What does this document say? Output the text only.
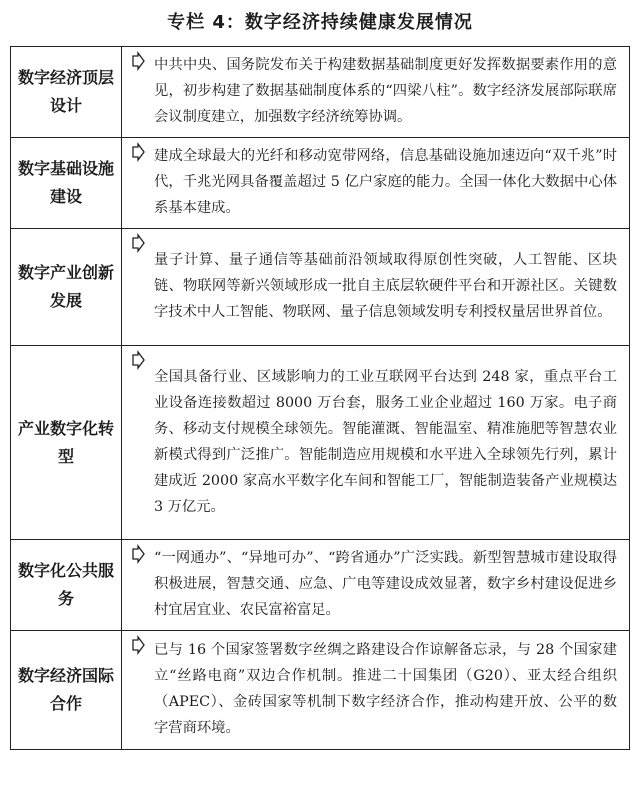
专栏 4：数字经济持续健康发展情况
数字经济顶层设计	中共中央、国务院发布关于构建数据基础制度更好发挥数据要素作用的意见，初步构建了数据基础制度体系的“四梁八柱”。数字经济发展部际联席会议制度建立，加强数字经济统筹协调。
数字基础设施建设	建成全球最大的光纤和移动宽带网络，信息基础设施加速迈向“双千兆”时代，千兆光网具备覆盖超过 5 亿户家庭的能力。全国一体化大数据中心体系基本建成。
数字产业创新发展	量子计算、量子通信等基础前沿领域取得原创性突破，人工智能、区块链、物联网等新兴领域形成一批自主底层软硬件平台和开源社区。关键数字技术中人工智能、物联网、量子信息领域发明专利授权量居世界首位。
产业数字化转型	全国具备行业、区域影响力的工业互联网平台达到 248 家，重点平台工业设备连接数超过 8000 万台套，服务工业企业超过 160 万家。电子商务、移动支付规模全球领先。智能灌溉、智能温室、精准施肥等智慧农业新模式得到广泛推广。智能制造应用规模和水平进入全球领先行列，累计建成近 2000 家高水平数字化车间和智能工厂，智能制造装备产业规模达 3 万亿元。
数字化公共服务	“一网通办”、“异地可办”、“跨省通办”广泛实践。新型智慧城市建设取得积极进展，智慧交通、应急、广电等建设成效显著，数字乡村建设促进乡村宜居宜业、农民富裕富足。
数字经济国际合作	已与 16 个国家签署数字丝绸之路建设合作谅解备忘录，与 28 个国家建立“丝路电商”双边合作机制。推进二十国集团（G20）、亚太经合组织（APEC）、金砖国家等机制下数字经济合作，推动构建开放、公平的数字营商环境。
